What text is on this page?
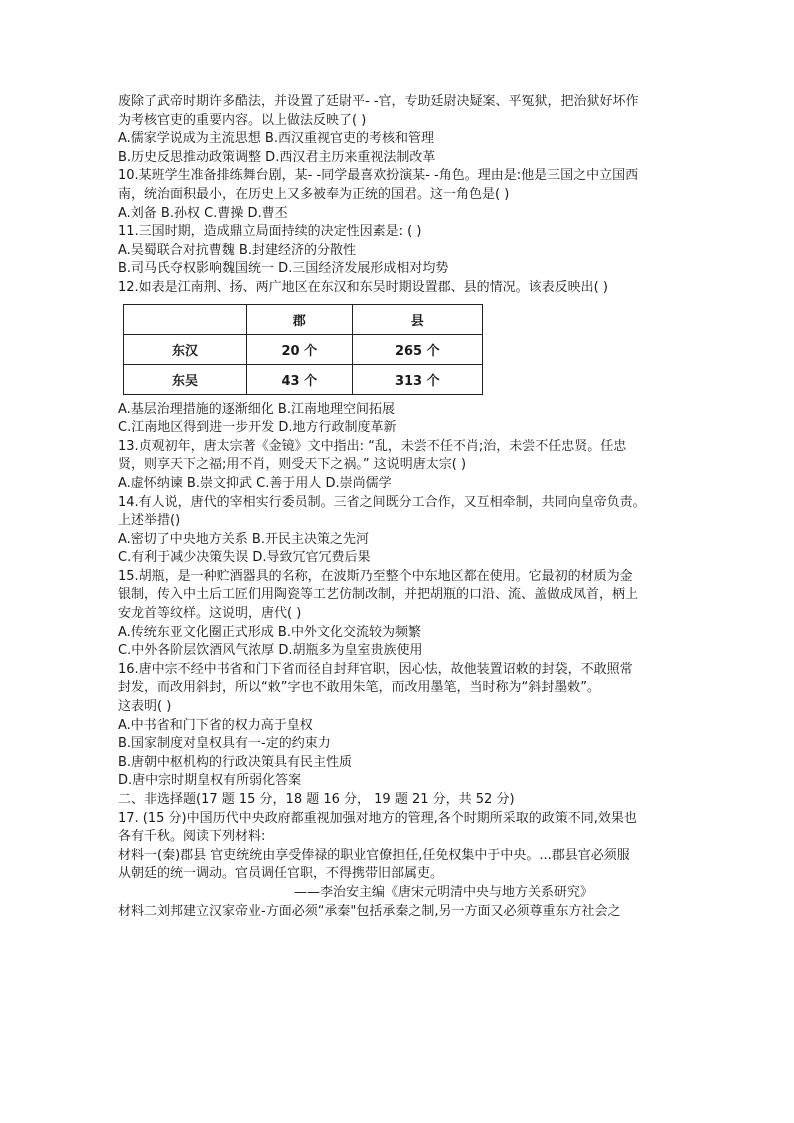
废除了武帝时期许多酷法，并设置了廷尉平- -官，专助廷尉决疑案、平冤狱，把治狱好坏作
为考核官吏的重要内容。以上做法反映了( )
A.儒家学说成为主流思想 B.西汉重视官吏的考核和管理
B.历史反思推动政策调整 D.西汉君主历来重视法制改革
10.某班学生准备排练舞台剧，某- -同学最喜欢扮演某- -角色。理由是:他是三国之中立国西
南，统治面积最小，在历史上又多被奉为正统的国君。这一角色是( )
A.刘备 B.孙权 C.曹操 D.曹丕
11.三国时期，造成鼎立局面持续的决定性因素是: ( )
A.吴蜀联合对抗曹魏 B.封建经济的分散性
B.司马氏夺权影响魏国统一 D.三国经济发展形成相对均势
12.如表是江南荆、扬、两广地区在东汉和东吴时期设置郡、县的情况。该表反映出( )
	郡	县
东汉	20 个	265 个
东吴	43 个	313 个
A.基层治理措施的逐渐细化 B.江南地理空间拓展
C.江南地区得到进一步开发 D.地方行政制度革新
13.贞观初年，唐太宗著《金镜》文中指出: “乱，未尝不任不肖;治，未尝不任忠贤。任忠
贤，则享天下之福;用不肖，则受天下之祸。” 这说明唐太宗( )
A.虚怀纳谏 B.崇文抑武 C.善于用人 D.崇尚儒学
14.有人说，唐代的宰相实行委员制。三省之间既分工合作，又互相牵制，共同向皇帝负责。
上述举措()
A.密切了中央地方关系 B.开民主决策之先河
C.有利于减少决策失误 D.导致冗官冗费后果
15.胡瓶，是一种贮酒器具的名称，在波斯乃至整个中东地区都在使用。它最初的材质为金
银制，传入中土后工匠们用陶瓷等工艺仿制改制，并把胡瓶的口沿、流、盖做成凤首，柄上
安龙首等纹样。这说明，唐代( )
A.传统东亚文化圈正式形成 B.中外文化交流较为频繁
C.中外各阶层饮酒风气浓厚 D.胡瓶多为皇室贵族使用
16.唐中宗不经中书省和门下省而径自封拜官职，因心怯，故他装置诏敕的封袋，不敢照常
封发，而改用斜封，所以“敕”字也不敢用朱笔，而改用墨笔，当时称为“斜封墨敕”。
这表明( )
A.中书省和门下省的权力高于皇权
B.国家制度对皇权具有一-定的约束力
B.唐朝中枢机构的行政决策具有民主性质
D.唐中宗时期皇权有所弱化答案
二、非选择题(17 题 15 分，18 题 16 分， 19 题 21 分，共 52 分)
17. (15 分)中国历代中央政府都重视加强对地方的管理,各个时期所采取的政策不同,效果也
各有千秋。阅读下列材料:
材料一(秦)郡县 官吏统统由享受俸禄的职业官僚担任,任免权集中于中央。...郡县官必须服
从朝廷的统一调动。官员调任官职，不得携带旧部属吏。
——李治安主编《唐宋元明清中央与地方关系研究》
材料二刘邦建立汉家帝业-方面必须“承秦"包括承秦之制,另一方面又必须尊重东方社会之
